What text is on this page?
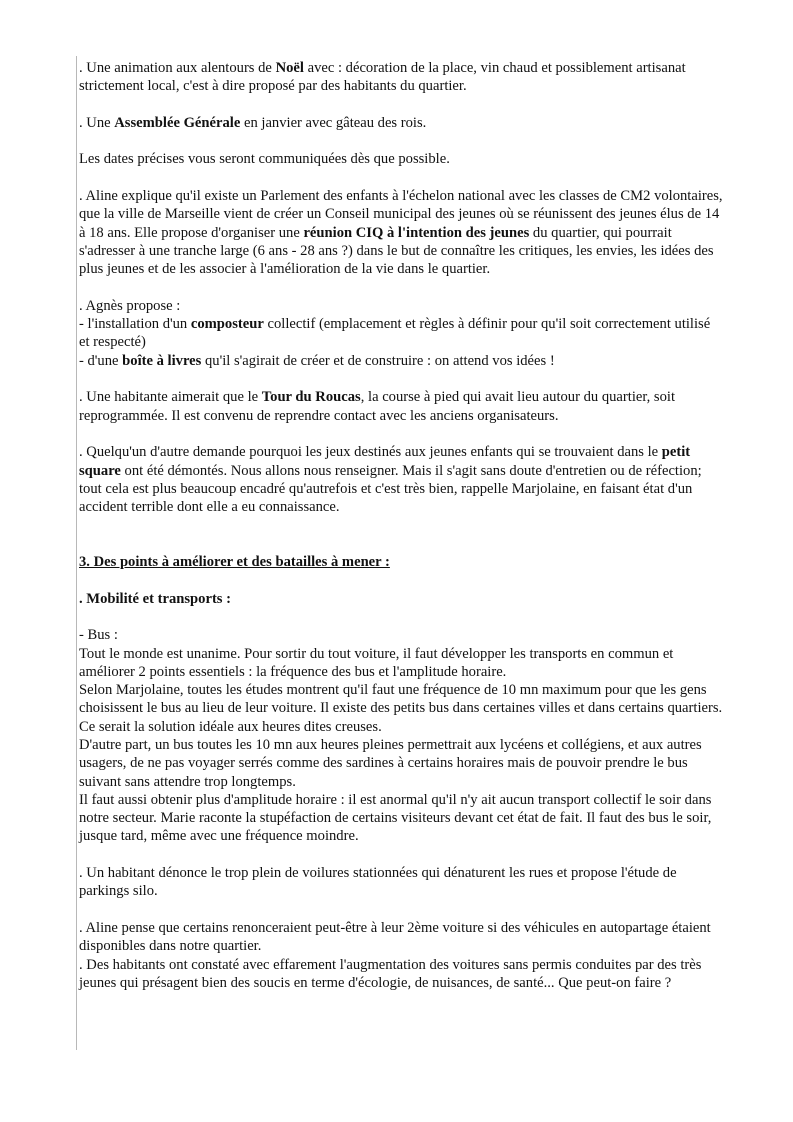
. Une animation aux alentours de Noël avec : décoration de la place, vin chaud et possiblement artisanat strictement local, c'est à dire proposé par des habitants du quartier.

. Une Assemblée Générale en janvier avec gâteau des rois.

Les dates précises vous seront communiquées dès que possible.

. Aline explique qu'il existe un Parlement des enfants à l'échelon national avec les classes de CM2 volontaires, que la ville de Marseille vient de créer un Conseil municipal des jeunes où se réunissent des jeunes élus de 14 à 18 ans. Elle propose d'organiser une réunion CIQ à l'intention des jeunes du quartier, qui pourrait s'adresser à une tranche large (6 ans - 28 ans ?) dans le but de connaître les critiques, les envies, les idées des plus jeunes et de les associer à l'amélioration de la vie dans le quartier.

. Agnès propose :

- l'installation d'un composteur collectif (emplacement et règles à définir pour qu'il soit correctement utilisé et respecté)

- d'une boîte à livres qu'il s'agirait de créer et de construire : on attend vos idées !

. Une habitante aimerait que le Tour du Roucas, la course à pied qui avait lieu autour du quartier, soit reprogrammée. Il est convenu de reprendre contact avec les anciens organisateurs.

. Quelqu'un d'autre demande pourquoi les jeux destinés aux jeunes enfants qui se trouvaient dans le petit square ont été démontés. Nous allons nous renseigner. Mais il s'agit sans doute d'entretien ou de réfection; tout cela est plus beaucoup encadré qu'autrefois et c'est très bien, rappelle Marjolaine, en faisant état d'un accident terrible dont elle a eu connaissance.

3. Des points à améliorer et des batailles à mener :

. Mobilité et transports :

- Bus :

Tout le monde est unanime. Pour sortir du tout voiture, il faut développer les transports en commun et améliorer 2 points essentiels : la fréquence des bus et l'amplitude horaire.

Selon Marjolaine, toutes les études montrent qu'il faut une fréquence de 10 mn maximum pour que les gens choisissent le bus au lieu de leur voiture. Il existe des petits bus dans certaines villes et dans certains quartiers. Ce serait la solution idéale aux heures dites creuses.

D'autre part, un bus toutes les 10 mn aux heures pleines permettrait aux lycéens et collégiens, et aux autres usagers, de ne pas voyager serrés comme des sardines à certains horaires mais de pouvoir prendre le bus suivant sans attendre trop longtemps.

Il faut aussi obtenir plus d'amplitude horaire : il est anormal qu'il n'y ait aucun transport collectif le soir dans notre secteur. Marie raconte la stupéfaction de certains visiteurs devant cet état de fait. Il faut des bus le soir, jusque tard, même avec une fréquence moindre.

. Un habitant dénonce le trop plein de voilures stationnées qui dénaturent les rues et propose l'étude de parkings silo.

. Aline pense que certains renonceraient peut-être à leur 2ème voiture si des véhicules en autopartage étaient disponibles dans notre quartier.

. Des habitants ont constaté avec effarement l'augmentation des voitures sans permis conduites par des très jeunes qui présagent bien des soucis en terme d'écologie, de nuisances, de santé... Que peut-on faire ?
